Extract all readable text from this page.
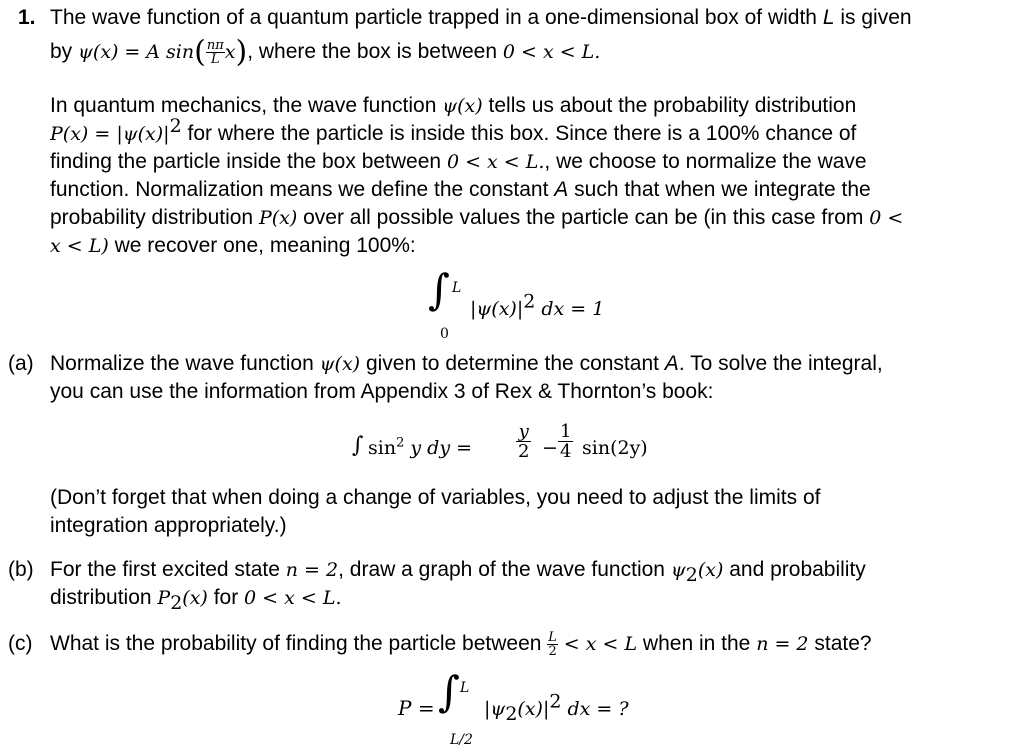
1. The wave function of a quantum particle trapped in a one-dimensional box of width L is given
by ψ(x) = A $\sin( \frac{n\pi}{L} x)$, where the box is between 0 < x < L.
In quantum mechanics, the wave function ψ(x) tells us about the probability distribution
$P(x) = |\psi(x)|^2$ for where the particle is inside this box. Since there is a 100% chance of
finding the particle inside the box between 0 < x < L., we choose to normalize the wave
function. Normalization means we define the constant A such that when we integrate the
probability distribution P(x) over all possible values the particle can be (in this case from 0 <
x < L) we recover one, meaning 100%:
∫ L
0
$|\psi(x)|^2$ dx = 1
(a) Normalize the wave function ψ(x) given to determine the constant A. To solve the integral,
you can use the information from Appendix 3 of Rex & Thornton’s book:
∫ $\sin^2 y$ dy = $\frac{y}{2} - \frac{1}{4} \sin(2y)$
(Don’t forget that when doing a change of variables, you need to adjust the limits of
integration appropriately.)
(b) For the first excited state n = 2, draw a graph of the wave function $\psi_2(x)$ and probability
distribution $P_2(x)$ for 0 < x < L.
(c) What is the probability of finding the particle between $\frac{L}{2} < x < L$ when in the n = 2 state?
P = ∫ L
L/2
$|\psi_2(x)|^2$ dx = ?
